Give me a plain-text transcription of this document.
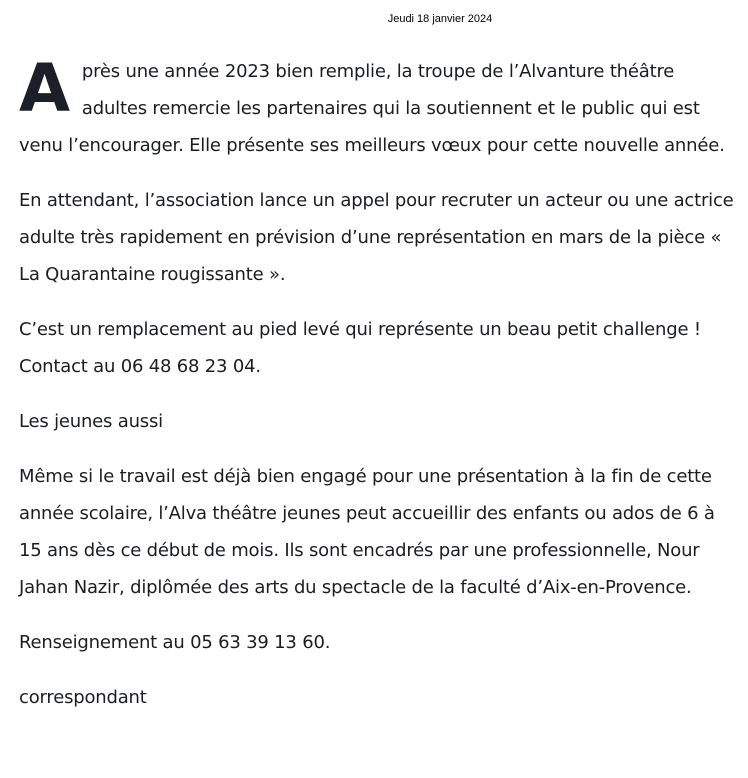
Jeudi 18 janvier 2024

Après une année 2023 bien remplie, la troupe de l’Alvanture théâtre adultes remercie les partenaires qui la soutiennent et le public qui est venu l’encourager. Elle présente ses meilleurs vœux pour cette nouvelle année.

En attendant, l’association lance un appel pour recruter un acteur ou une actrice adulte très rapidement en prévision d’une représentation en mars de la pièce « La Quarantaine rougissante ».

C’est un remplacement au pied levé qui représente un beau petit challenge ! Contact au 06 48 68 23 04.

Les jeunes aussi

Même si le travail est déjà bien engagé pour une présentation à la fin de cette année scolaire, l’Alva théâtre jeunes peut accueillir des enfants ou ados de 6 à 15 ans dès ce début de mois. Ils sont encadrés par une professionnelle, Nour Jahan Nazir, diplômée des arts du spectacle de la faculté d’Aix-en-Provence.

Renseignement au 05 63 39 13 60.

correspondant
